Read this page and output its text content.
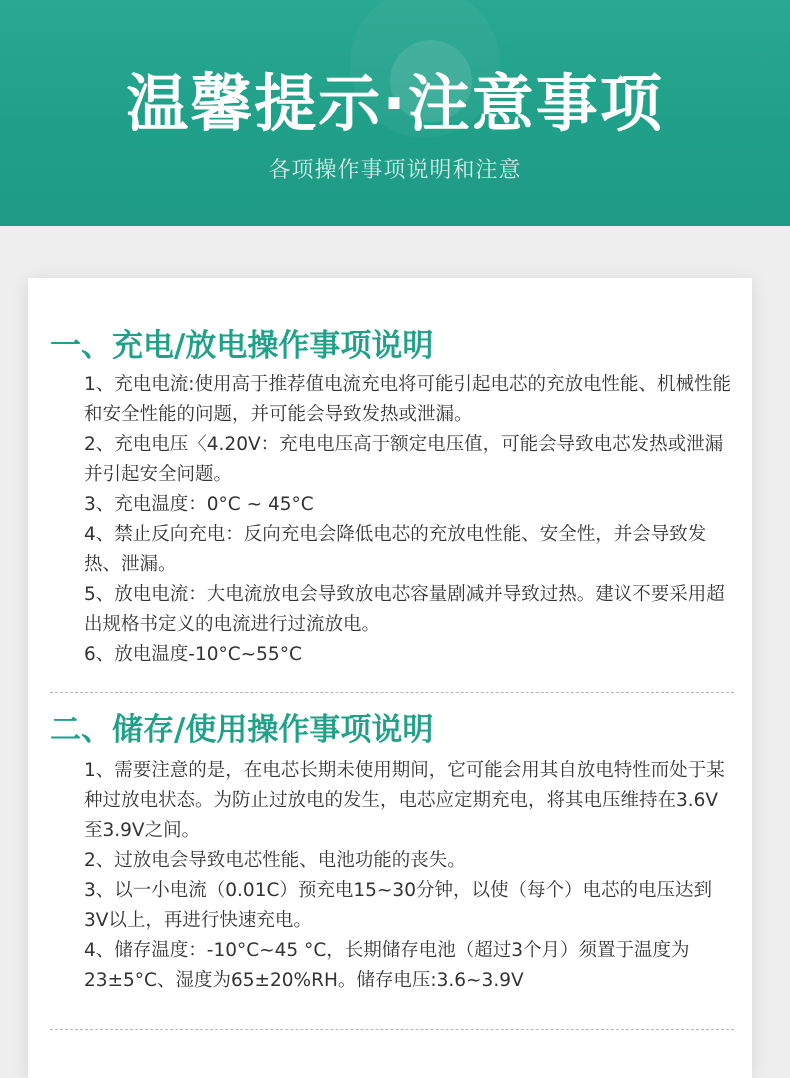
温馨提示·注意事项
各项操作事项说明和注意
一、充电/放电操作事项说明
1、充电电流:使用高于推荐值电流充电将可能引起电芯的充放电性能、机械性能和安全性能的问题，并可能会导致发热或泄漏。
2、充电电压〈4.20V：充电电压高于额定电压值，可能会导致电芯发热或泄漏并引起安全问题。
3、充电温度：0°C ~ 45°C
4、禁止反向充电：反向充电会降低电芯的充放电性能、安全性，并会导致发热、泄漏。
5、放电电流：大电流放电会导致放电芯容量剧减并导致过热。建议不要采用超出规格书定义的电流进行过流放电。
6、放电温度-10°C~55°C
二、储存/使用操作事项说明
1、需要注意的是，在电芯长期未使用期间，它可能会用其自放电特性而处于某种过放电状态。为防止过放电的发生，电芯应定期充电，将其电压维持在3.6V至3.9V之间。
2、过放电会导致电芯性能、电池功能的丧失。
3、以一小电流（0.01C）预充电15~30分钟，以使（每个）电芯的电压达到3V以上，再进行快速充电。
4、储存温度：-10°C~45 °C，长期储存电池（超过3个月）须置于温度为23±5°C、湿度为65±20%RH。储存电压:3.6~3.9V
